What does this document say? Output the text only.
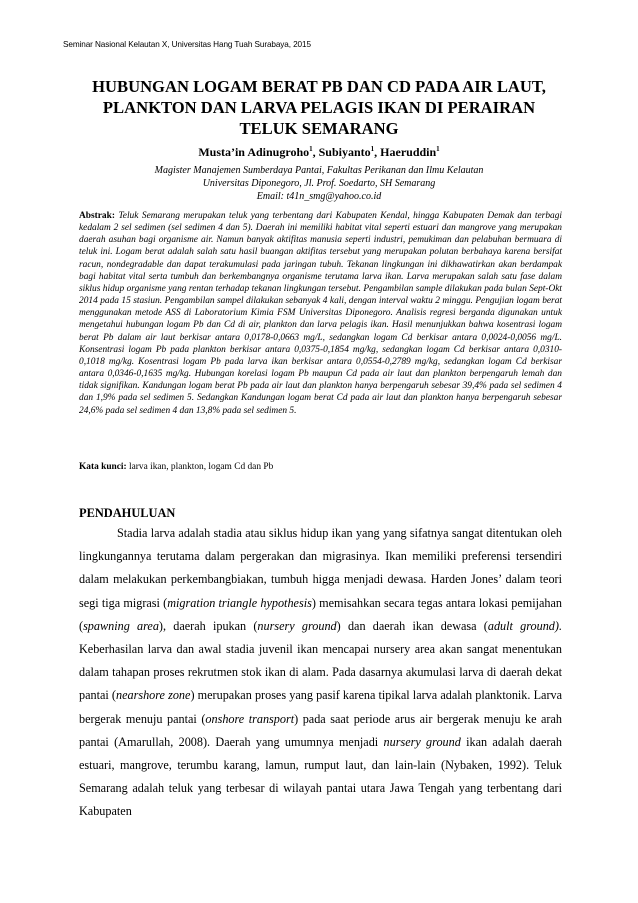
Seminar Nasional Kelautan X, Universitas Hang Tuah Surabaya, 2015
HUBUNGAN LOGAM BERAT PB DAN CD PADA AIR LAUT,
PLANKTON DAN LARVA PELAGIS IKAN DI PERAIRAN
TELUK SEMARANG
Musta’in Adinugroho$^1$, Subiyanto$^1$, Haeruddin$^1$
Magister Manajemen Sumberdaya Pantai, Fakultas Perikanan dan Ilmu Kelautan
Universitas Diponegoro, Jl. Prof. Soedarto, SH Semarang
Email: t41n_smg@yahoo.co.id
Abstrak: Teluk Semarang merupakan teluk yang terbentang dari Kabupaten Kendal, hingga Kabupaten Demak dan terbagi kedalam 2 sel sedimen (sel sedimen 4 dan 5). Daerah ini memiliki habitat vital seperti estuari dan mangrove yang merupakan daerah asuhan bagi organisme air. Namun banyak aktifitas manusia seperti industri, pemukiman dan pelabuhan bermuara di teluk ini. Logam berat adalah salah satu hasil buangan aktifitas tersebut yang merupakan polutan berbahaya karena bersifat racun, nondegradable dan dapat terakumulasi pada jaringan tubuh. Tekanan lingkungan ini dikhawatirkan akan berdampak bagi habitat vital serta tumbuh dan berkembangnya organisme terutama larva ikan. Larva merupakan salah satu fase dalam siklus hidup organisme yang rentan terhadap tekanan lingkungan tersebut. Pengambilan sample dilakukan pada bulan Sept-Okt 2014 pada 15 stasiun. Pengambilan sampel dilakukan sebanyak 4 kali, dengan interval waktu 2 minggu. Pengujian logam berat menggunakan metode ASS di Laboratorium Kimia FSM Universitas Diponegoro. Analisis regresi berganda digunakan untuk mengetahui hubungan logam Pb dan Cd di air, plankton dan larva pelagis ikan. Hasil menunjukkan bahwa kosentrasi logam berat Pb dalam air laut berkisar antara 0,0178-0,0663 mg/L, sedangkan logam Cd berkisar antara 0,0024-0,0056 mg/L. Konsentrasi logam Pb pada plankton berkisar antara 0,0375-0,1854 mg/kg, sedangkan logam Cd berkisar antara 0,0310-0,1018 mg/kg. Kosentrasi logam Pb pada larva ikan berkisar antara 0,0554-0,2789 mg/kg, sedangkan logam Cd berkisar antara 0,0346-0,1635 mg/kg. Hubungan korelasi logam Pb maupun Cd pada air laut dan plankton berpengaruh lemah dan tidak signifikan. Kandungan logam berat Pb pada air laut dan plankton hanya berpengaruh sebesar 39,4% pada sel sedimen 4 dan 1,9% pada sel sedimen 5. Sedangkan Kandungan logam berat Cd pada air laut dan plankton hanya berpengaruh sebesar 24,6% pada sel sedimen 4 dan 13,8% pada sel sedimen 5.
Kata kunci: larva ikan, plankton, logam Cd dan Pb
PENDAHULUAN
Stadia larva adalah stadia atau siklus hidup ikan yang yang sifatnya sangat ditentukan oleh lingkungannya terutama dalam pergerakan dan migrasinya. Ikan memiliki preferensi tersendiri dalam melakukan perkembangbiakan, tumbuh higga menjadi dewasa. Harden Jones’ dalam teori segi tiga migrasi (migration triangle hypothesis) memisahkan secara tegas antara lokasi pemijahan (spawning area), daerah ipukan (nursery ground) dan daerah ikan dewasa (adult ground). Keberhasilan larva dan awal stadia juvenil ikan mencapai nursery area akan sangat menentukan dalam tahapan proses rekrutmen stok ikan di alam. Pada dasarnya akumulasi larva di daerah dekat pantai (nearshore zone) merupakan proses yang pasif karena tipikal larva adalah planktonik. Larva bergerak menuju pantai (onshore transport) pada saat periode arus air bergerak menuju ke arah pantai (Amarullah, 2008). Daerah yang umumnya menjadi nursery ground ikan adalah daerah estuari, mangrove, terumbu karang, lamun, rumput laut, dan lain-lain (Nybaken, 1992). Teluk Semarang adalah teluk yang terbesar di wilayah pantai utara Jawa Tengah yang terbentang dari Kabupaten
